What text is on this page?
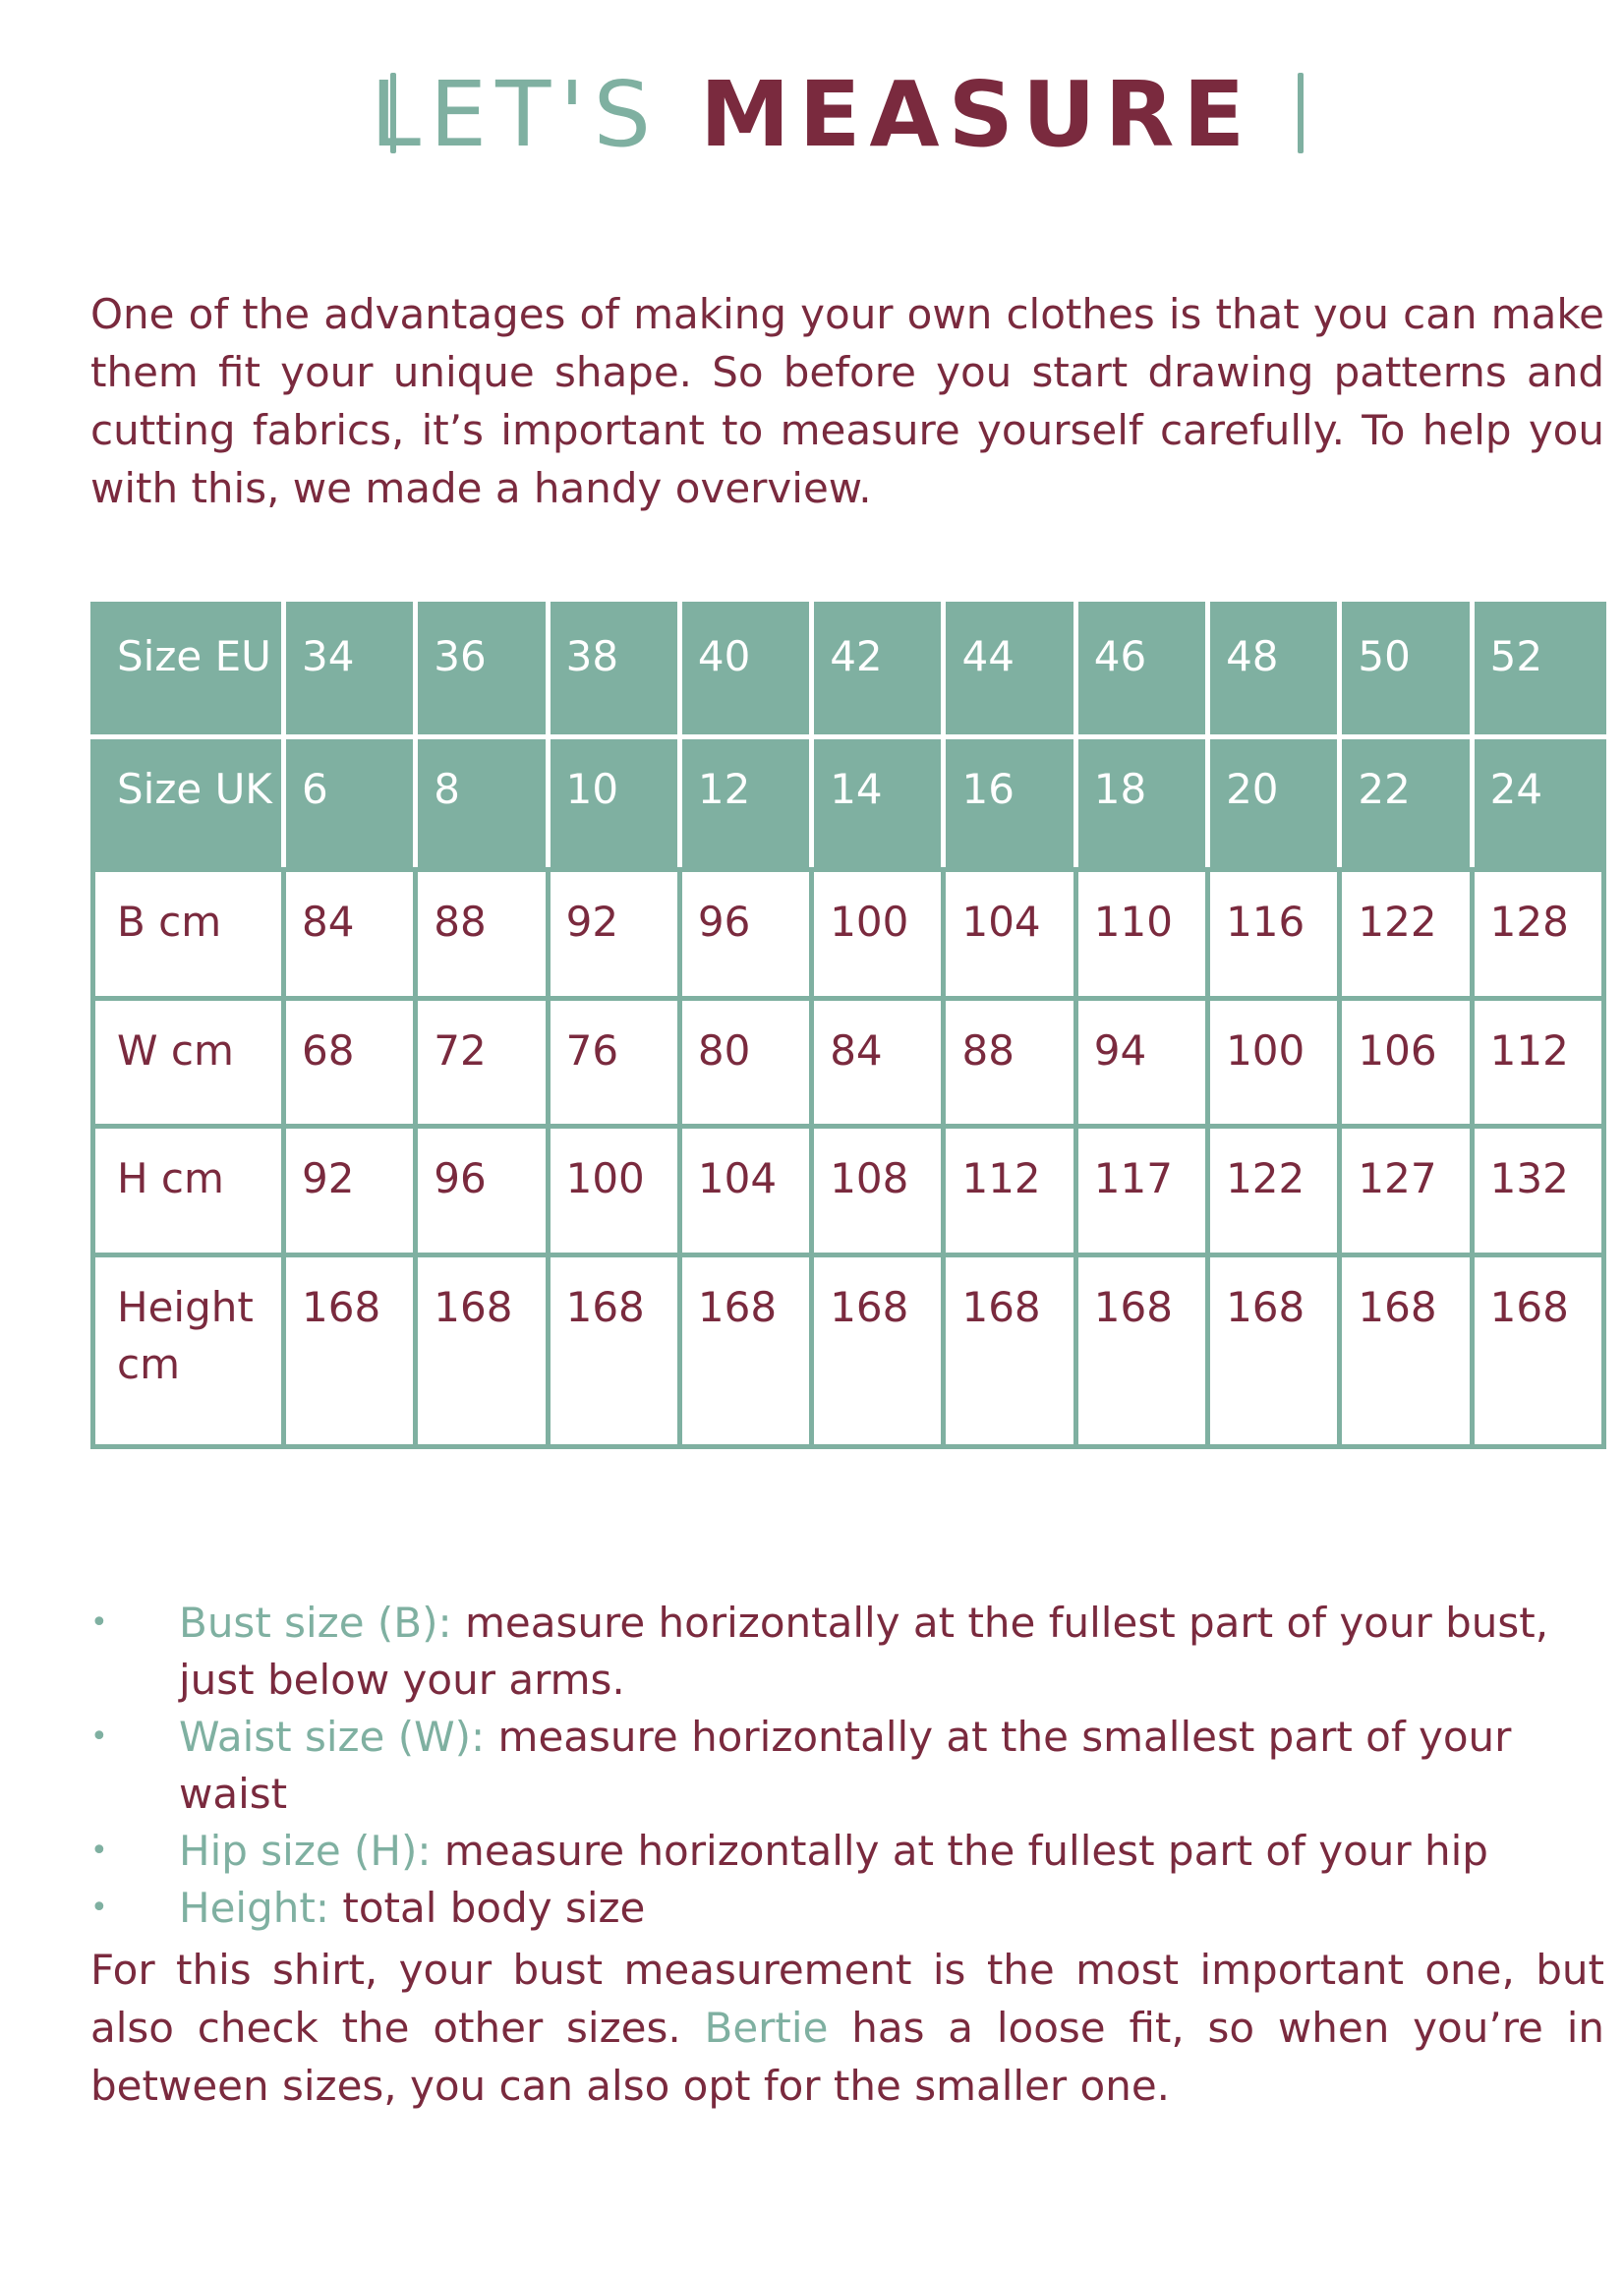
LET'S MEASURE

One of the advantages of making your own clothes is that you can make them fit your unique shape. So before you start drawing patterns and cutting fabrics, it’s important to measure yourself carefully. To help you with this, we made a handy overview.

Size EU	34	36	38	40	42	44	46	48	50	52
Size UK	6	8	10	12	14	16	18	20	22	24
B cm	84	88	92	96	100	104	110	116	122	128
W cm	68	72	76	80	84	88	94	100	106	112
H cm	92	96	100	104	108	112	117	122	127	132
Height cm	168	168	168	168	168	168	168	168	168	168
• Bust size (B): measure horizontally at the fullest part of your bust, just below your arms.
• Waist size (W): measure horizontally at the smallest part of your waist
• Hip size (H): measure horizontally at the fullest part of your hip
• Height: total body size

For this shirt, your bust measurement is the most important one, but also check the other sizes. Bertie has a loose fit, so when you’re in between sizes, you can also opt for the smaller one.
